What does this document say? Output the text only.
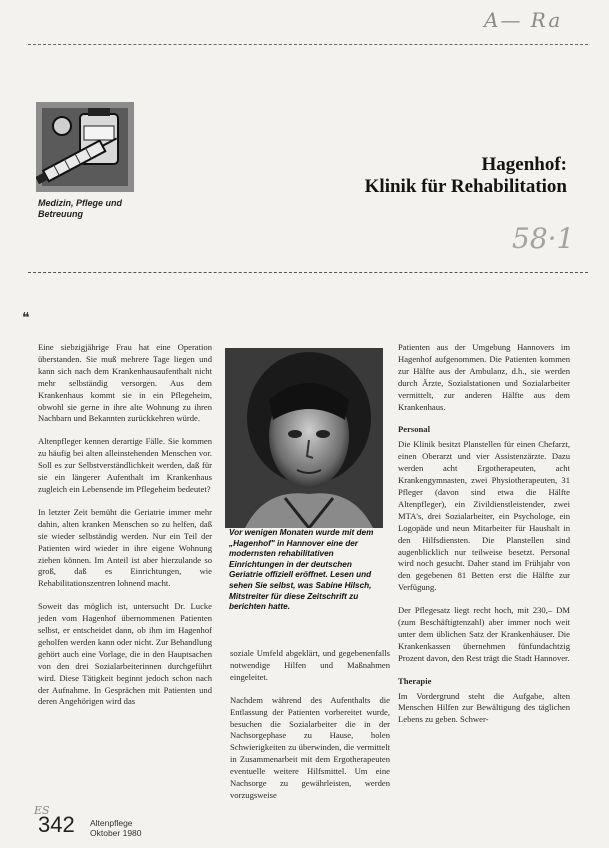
A— Ra
Medizin, Pflege und Betreuung
Hagenhof:
Klinik für Rehabilitation
58·1
❝

Eine siebzigjährige Frau hat eine Operation überstanden. Sie muß mehrere Tage liegen und kann sich nach dem Krankenhausaufenthalt nicht mehr selbständig versorgen. Aus dem Krankenhaus kommt sie in ein Pflegeheim, obwohl sie gerne in ihre alte Wohnung zu ihren Nachbarn und Bekannten zurückkehren würde.

Altenpfleger kennen derartige Fälle. Sie kommen zu häufig bei alten alleinstehenden Menschen vor. Soll es zur Selbstverständlichkeit werden, daß für sie ein längerer Aufenthalt im Krankenhaus zugleich ein Lebensende im Pflegeheim bedeutet?

In letzter Zeit bemüht die Geriatrie immer mehr dahin, alten kranken Menschen so zu helfen, daß sie wieder selbständig werden. Nur ein Teil der Patienten wird wieder in ihre eigene Wohnung ziehen können. Im Anteil ist aber hierzulande so groß, daß es Einrichtungen, wie Rehabilitationszentren lohnend macht.

Soweit das möglich ist, untersucht Dr. Lucke jeden vom Hagenhof übernommenen Patienten selbst, er entscheidet dann, ob ihm im Hagenhof geholfen werden kann oder nicht. Zur Behandlung gehört auch eine Vorlage, die in den Hauptsachen von den drei Sozialarbeiterinnen durchgeführt wird. Diese Tätigkeit beginnt jedoch schon nach der Aufnahme. In Gesprächen mit Patienten und deren Angehörigen wird das

Vor wenigen Monaten wurde mit dem „Hagenhof" in Hannover eine der modernsten rehabilitativen Einrichtungen in der deutschen Geriatrie offiziell eröffnet. Lesen und sehen Sie selbst, was Sabine Hilsch, Mitstreiter für diese Zeitschrift zu berichten hatte.

soziale Umfeld abgeklärt, und gegebenenfalls notwendige Hilfen und Maßnahmen eingeleitet.

Nachdem während des Aufenthalts die Entlassung der Patienten vorbereitet wurde, besuchen die Sozialarbeiter die in der Nachsorgephase zu Hause, holen Schwierigkeiten zu überwinden, die vermittelt in Zusammenarbeit mit dem Ergotherapeuten eventuelle weitere Hilfsmittel. Um eine Nachsorge zu gewährleisten, werden vorzugsweise

Patienten aus der Umgebung Hannovers im Hagenhof aufgenommen. Die Patienten kommen zur Hälfte aus der Ambulanz, d.h., sie werden durch Ärzte, Sozialstationen und Sozialarbeiter vermittelt, zur anderen Hälfte aus dem Krankenhaus.

Personal

Die Klinik besitzt Planstellen für einen Chefarzt, einen Oberarzt und vier Assistenzärzte. Dazu werden acht Ergotherapeuten, acht Krankengymnasten, zwei Physiotherapeuten, 31 Pfleger (davon sind etwa die Hälfte Altenpfleger), ein Zivildienstleistender, zwei MTA's, drei Sozialarbeiter, ein Psychologe, ein Logopäde und neun Mitarbeiter für Haushalt in den Hilfsdiensten. Die Planstellen sind augenblicklich nur teilweise besetzt. Personal wird noch gesucht. Daher stand im Frühjahr von den gegebenen 81 Betten erst die Hälfte zur Verfügung.

Der Pflegesatz liegt recht hoch, mit 230,– DM (zum Beschäftigtenzahl) aber immer noch weit unter dem üblichen Satz der Krankenhäuser. Die Krankenkassen übernehmen fünfundachtzig Prozent davon, den Rest trägt die Stadt Hannover.

Therapie

Im Vordergrund steht die Aufgabe, alten Menschen Hilfen zur Bewältigung des täglichen Lebens zu geben. Schwer-

ES
342 Altenpflege
Oktober 1980
